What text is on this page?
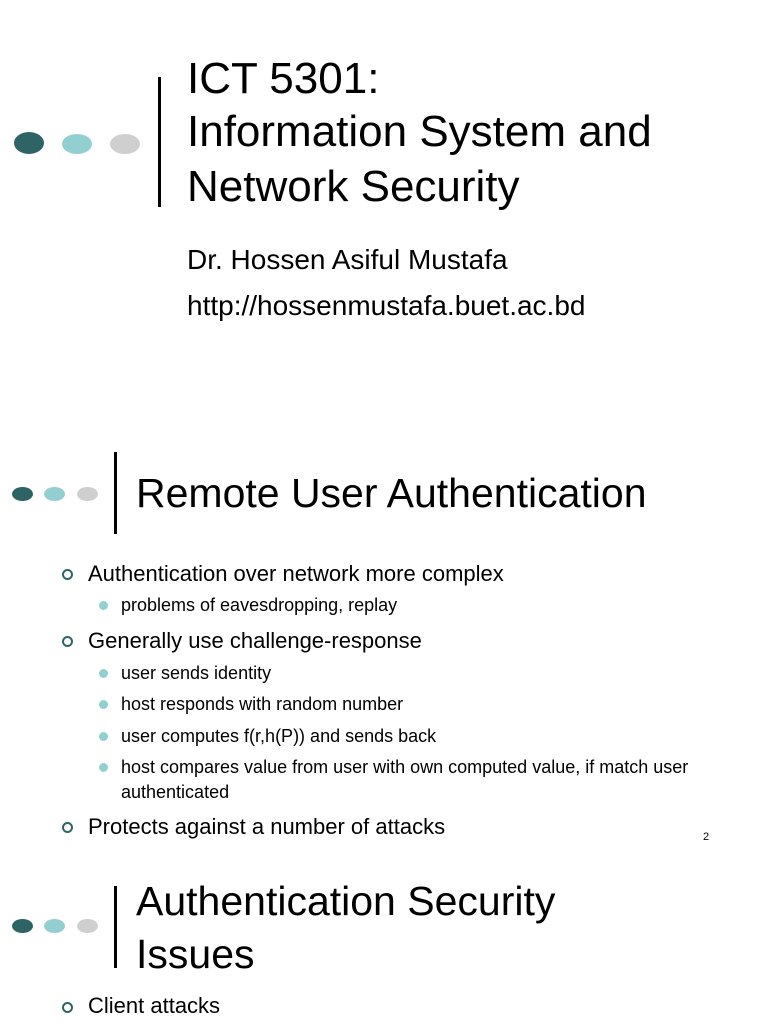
ICT 5301:
Information System and
Network Security
Dr. Hossen Asiful Mustafa
http://hossenmustafa.buet.ac.bd
Remote User Authentication
Authentication over network more complex
problems of eavesdropping, replay
Generally use challenge-response
user sends identity
host responds with random number
user computes f(r,h(P)) and sends back
host compares value from user with own computed value, if match user authenticated
Protects against a number of attacks	2
Authentication Security
Issues
Client attacks
